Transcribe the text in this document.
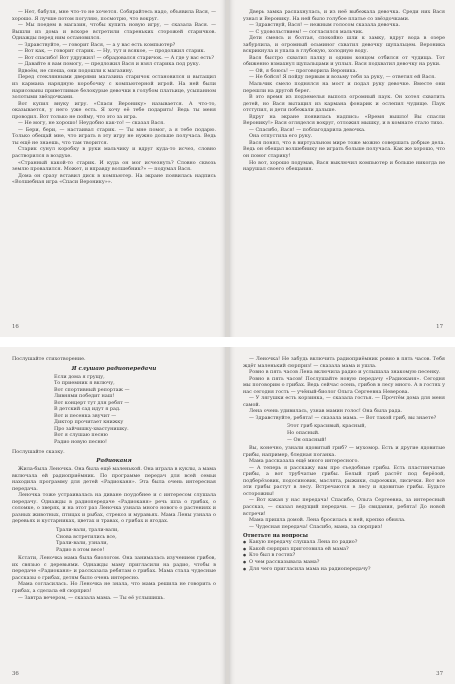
— Нет, бабуля, мне что-то не хочется. Собирайтесь надо, объявила Вася, — хорошо. Я лучше потом погуляю, посмотрю, что вокруг.
— Мы поедем в магазин, чтобы купить новую игру, — сказала Вася. — Вышли из дома и вскоре встретили стареньких сторожей старичков. Однажды перед ним остановился.
— Здравствуйте, — говорит Вася, — а у вас есть компьютер?
— Вот как, — говорит старик. — Ну, тут и всякое, — продолжил старик.
— Вот спасибо! Вот удружил! — обрадовался старичок. — А где у вас есть?
— Давайте я вам помогу, — предложил Вася и взял старика под руку.
Вдвоём, не спеша, они подошли к магазину.
Перед стеклянными дверями магазина старичок остановился и вытащил из кармана нарядную коробочку с компьютерной игрой. На ней были нарисованы приветливые белокурые девочки в голубом платьице, усыпанном золотыми звёздочками.
Вот купил внуку игру. «Спаси Веронику» называется. А что-то, оказывается, у него уже есть. Я хочу её тебе подарить! Ведь ты меня проводил. Вот только не пойму, что это за игра.
— Не могу, не хорошо! Неудобно как-то! — сказал Вася.
— Бери, бери, — настаивал старик. — Ты мне помог, а я тебе подарю. Только обещай мне, что играть в эту игру не нужно дольше получаса. Ведь ты ещё не знаешь, что там творится.
Старик сунул коробку в руки мальчику и вдруг куда-то исчез, словно растворился в воздухе.
«Странный какой-то старик. И куда он мог исчезнуть? Словно сквозь землю провалился. Может, и вправду волшебник?» — подумал Вася.
Дома он сразу вставил диск в компьютер. На экране появилась надпись «Волшебная игра «Спаси Веронику»».
16
Дверь замка распахнулась, и из неё выбежала девочка. Среди них Вася узнал и Веронику. На ней было голубое платье со звёздочками.
— Здравствуй, Вася! — нежным голосом сказала девочка.
— С удовольствием! — согласился мальчик.
Дети смеясь и болтая, спокойно шли к замку, вдруг вода в озере забурлила, и огромный осьминог схватил девочку щупальцем. Вероника вскрикнула и упала в глубокую, холодную воду.
Вася быстро схватил палку и одним концом отбился от чудища. Тот обиженно взмахнул щупальцами и уплыл. Вася подхватил девочку на руки.
— Ой, я боюсь! — проговорила Вероника.
— Не бойся! Я пойду первым и возьму тебя за руку, — ответил ей Вася.
Мальчик смело поднялся на мост и подал руку девочке. Вместе они перешли на другой берег.
В это время из подземелья выполз огромный паук. Он хотел схватить детей, но Вася вытащил из кармана фонарик и ослепил чудище. Паук отступил, и дети побежали дальше.
Вдруг на экране появилась надпись: «Время вышло! Вы спасли Веронику!» Вася огляделся вокруг, отложил мышку, и в комнате стало тихо.
— Спасибо, Вася! — поблагодарила девочка.
Она отпустила его руку.
Вася понял, что в виртуальном мире тоже можно совершать добрые дела. Ведь он обещал волшебнику не играть больше получаса. Как же хорошо, что он помог старику!
Но вот, хорошо подумав, Вася выключил компьютер и больше никогда не нарушал своего обещания.
17
Послушайте стихотворение.
Я слушаю радиопередачи
Если дома я грущу,
То приемник я включу,
Вот спортивный репортаж —
Ливнями победит наш!
Вот концерт тут для ребят —
В детский сад идут я рад.
Вот и песенка звучит —
Диктор прочитает книжку
Про зайчишку-хвастунишку.
Вот я слушаю песню
Радио новую песню!
Послушайте сказку.
Радиоканя
Жила-была Леночка. Она была ещё маленькой. Она играла в куклы, а мама включала ей радиоприёмник. По программе передач для всей семьи находила программу для детей «Радиоканя». Эта была очень интересная передача.
Леночка тоже устраивалась на диване поудобнее и с интересом слушала передачу. Однажды в радиопередаче «Радиоканя» речь шла о грибах, о соломке, о зверях, и на этот раз Леночка узнала много нового о растениях и разных животных, птицах и рыбах, стрекоз и муравьях. Мама Лены узнала о деревьях и кустарниках, цветах и травах, о грибах и ягодах.
Трали-вали, трали-вали,
Снова встретились все,
Трали-вали, узнали,
Радио в этом весе!
Кстати, Леночка мама была биологом. Она занималась изучением грибов, их связью с деревьями. Однажды маму пригласили на радио, чтобы в передаче «Радиоканя» и рассказала ребятам о грибах. Мама стала чудесные рассказы о грибах, детям было очень интересно.
Мама согласилась. Но Леночка не знала, что мама решила не говорить о грибах, а сделала ей сюрприз!
— Завтра вечером, — сказала мама. — Ты её услышишь.
36
— Леночка! Не забудь включить радиоприёмник ровно в пять часов. Тебя ждёт маленький сюрприз! — сказала мама и ушла.
Ровно в пять часов Лена включила радио и услышала знакомую песенку.
Ровно в пять часов! Послушайте новую передачу «Радиоканя». Сегодня мы поговорим о грибах. Ведь сейчас осень, грибов в лесу много. А в гостях у нас сегодня гость — учёный-биолог Ольга Сергеевна Неверова.
— У лягушки есть корзинка, — сказала гостья. — Прочтём дома для меня самой.
Лена очень удивилась, узнав мамин голос! Она была рада.
— Здравствуйте, ребята! — сказала мама. — Вот такой гриб, вы знаете?
Этот гриб красивый, красный,
Но опасный.
— Он опасный!
Вы, конечно, узнали ядовитый гриб? — мухомор. Есть и другие ядовитые грибы, например, бледная поганка.
Мама рассказала ещё много интересного.
— А теперь я расскажу вам про съедобные грибы. Есть пластинчатые грибы, а вот трубчатые грибы. Белый гриб растёт под берёзой, подберёзовик, подосиновик, маслята, рыжики, сыроежки, лисички. Вот все эти грибы растут в лесу. Встречаются в лесу и ядовитые грибы. Будьте осторожны!
— Вот какая у нас передача! Спасибо, Ольга Сергеевна, за интересный рассказ, — сказал ведущий передачи. — До свидания, ребята! До новой встречи!
Мама пришла домой. Лена бросилась к ней, крепко обняла.
— Чудесная передача! Спасибо, мама, за сюрприз!
Ответьте на вопросы
● Какую передачу слушала Лена по радио?
● Какой сюрприз приготовила ей мама?
● Кто был в гостях?
● О чем рассказывала мама?
● Для чего пригласила мама на радиопередачу?
37
